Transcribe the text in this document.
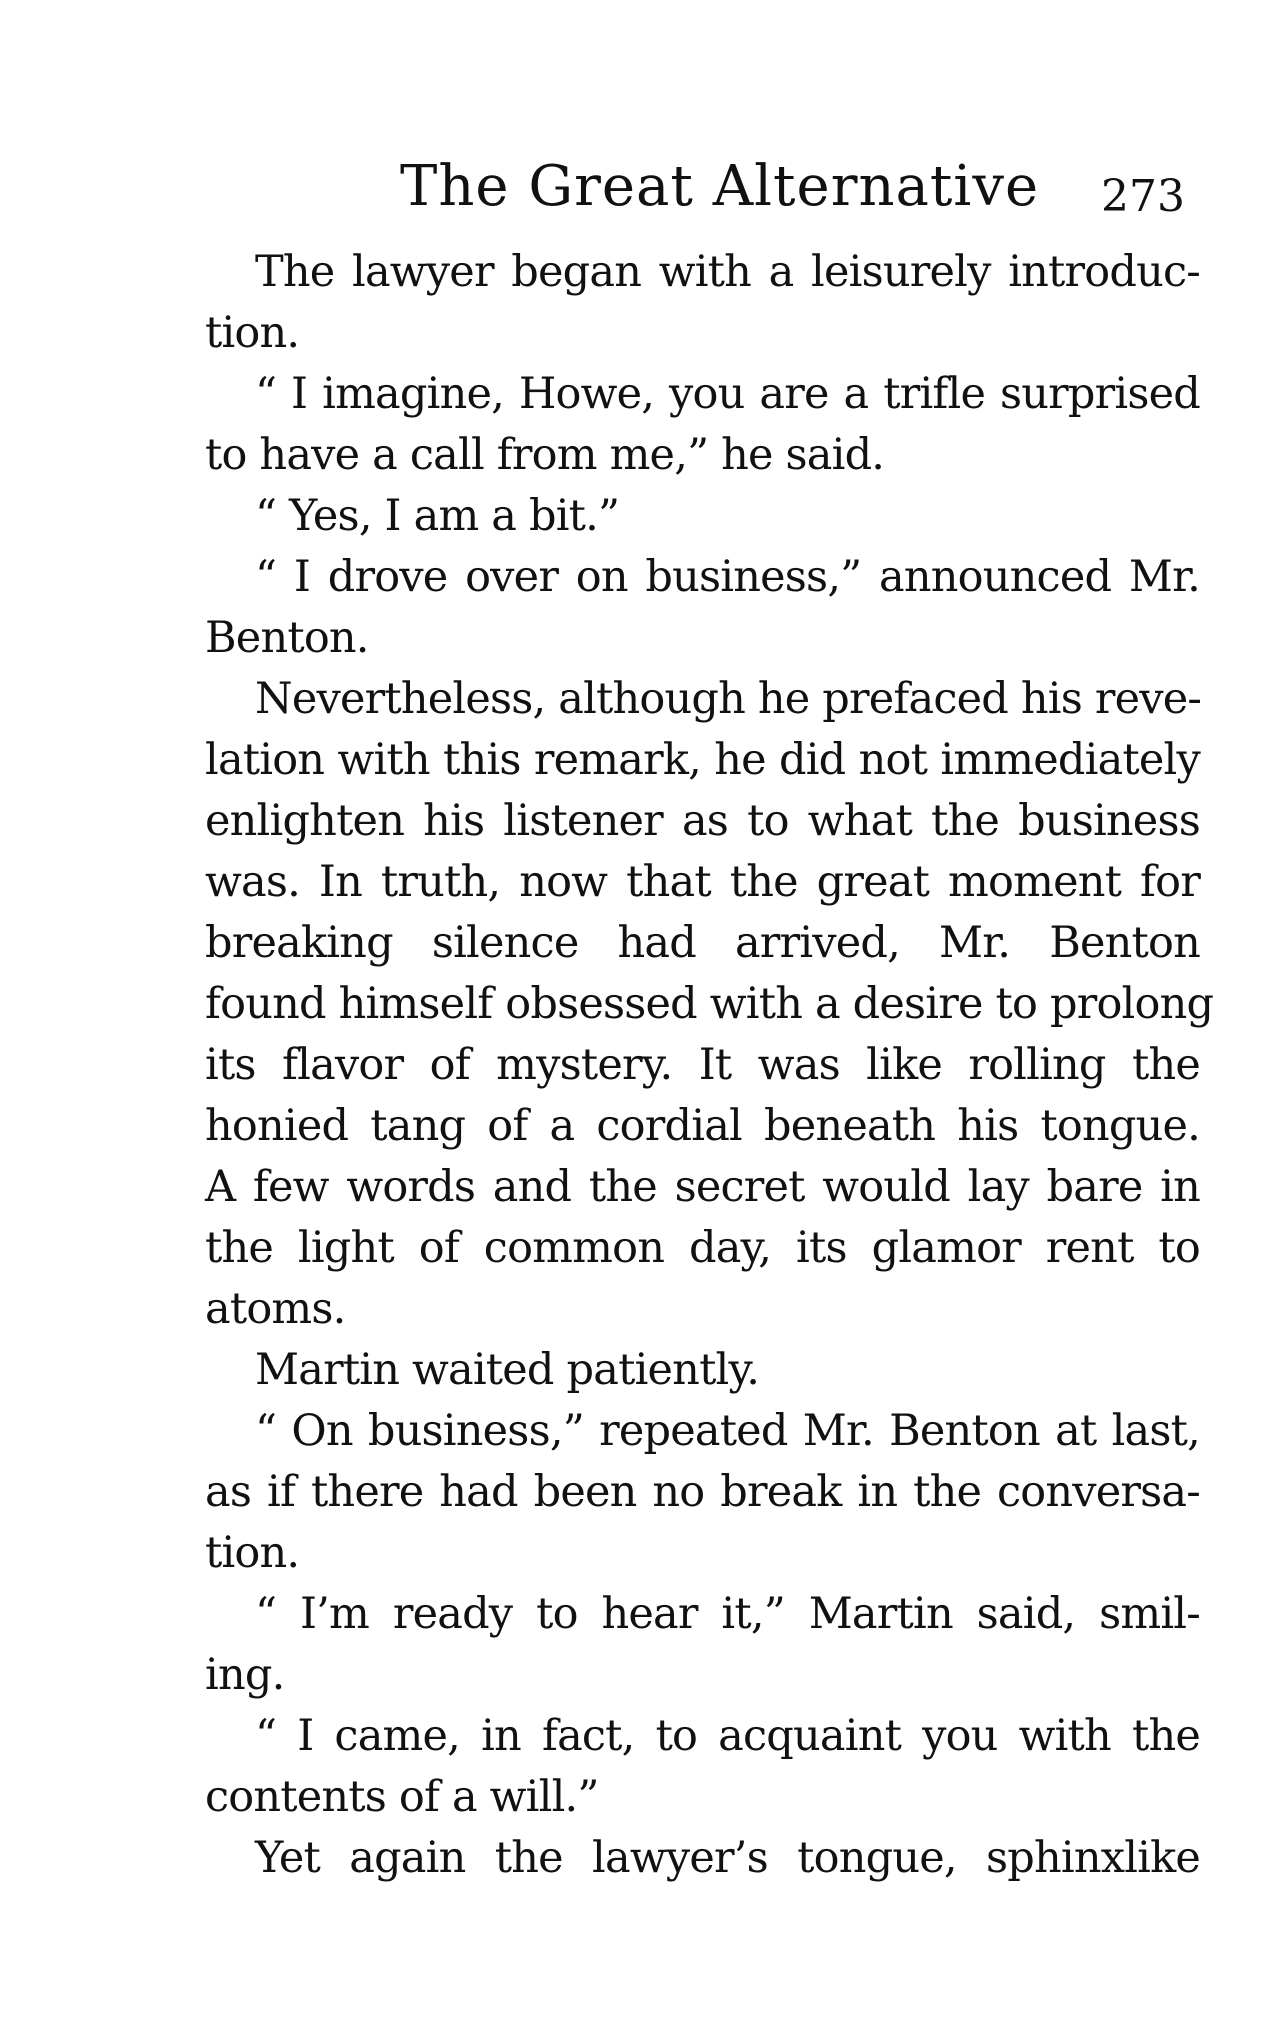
The Great Alternative 273
The lawyer began with a leisurely introduc-
tion.
“ I imagine, Howe, you are a trifle surprised
to have a call from me,” he said.
“ Yes, I am a bit.”
“ I drove over on business,” announced Mr.
Benton.
Nevertheless, although he prefaced his reve-
lation with this remark, he did not immediately
enlighten his listener as to what the business
was. In truth, now that the great moment for
breaking silence had arrived, Mr. Benton
found himself obsessed with a desire to prolong
its flavor of mystery. It was like rolling the
honied tang of a cordial beneath his tongue.
A few words and the secret would lay bare in
the light of common day, its glamor rent to
atoms.
Martin waited patiently.
“ On business,” repeated Mr. Benton at last,
as if there had been no break in the conversa-
tion.
“ I’m ready to hear it,” Martin said, smil-
ing.
“ I came, in fact, to acquaint you with the
contents of a will.”
Yet again the lawyer’s tongue, sphinxlike
